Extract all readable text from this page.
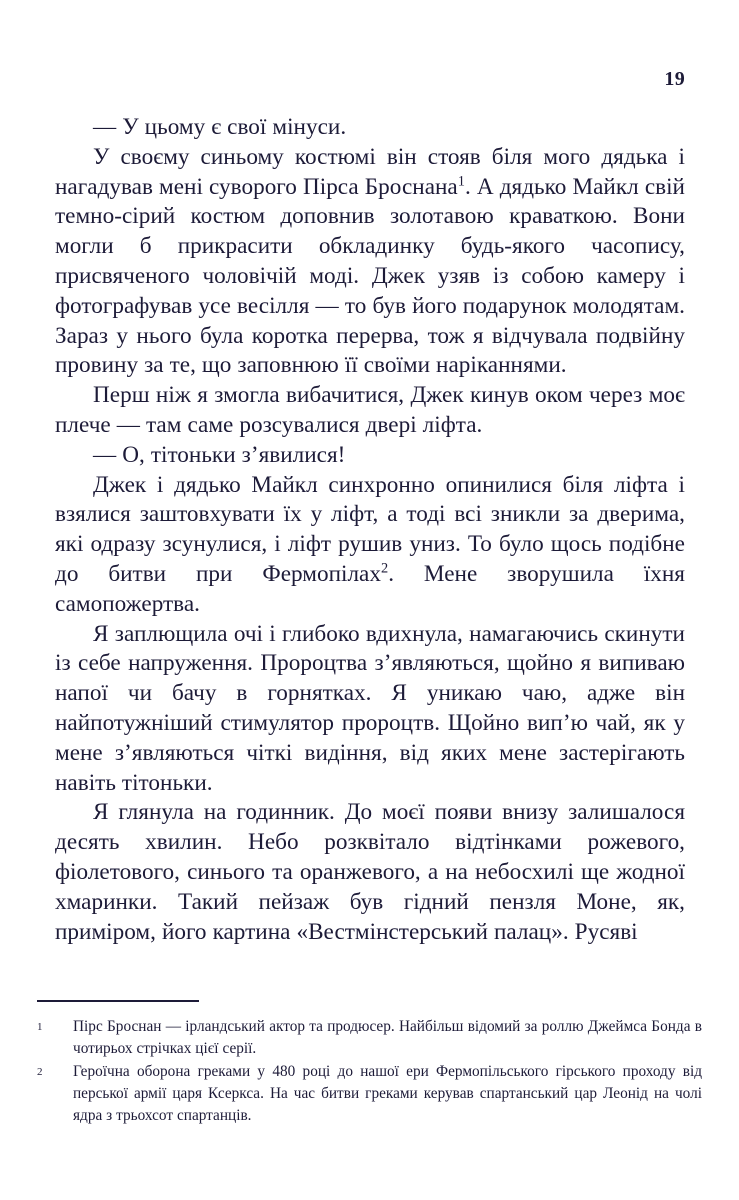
19

— У цьому є свої мінуси.

У своєму синьому костюмі він стояв біля мого дядька і нагадував мені суворого Пірса Броснана$^1$. А дядько Майкл свій темно-сірий костюм доповнив золотавою краваткою. Вони могли б прикрасити обкладинку будь-якого часопису, присвяченого чоловічій моді. Джек узяв із собою камеру і фотографував усе весілля — то був його подарунок молодятам. Зараз у нього була коротка перерва, тож я відчувала подвійну провину за те, що заповнюю її своїми наріканнями.

Перш ніж я змогла вибачитися, Джек кинув оком через моє плече — там саме розсувалися двері ліфта.

— О, тітоньки з’явилися!

Джек і дядько Майкл синхронно опинилися біля ліфта і взялися заштовхувати їх у ліфт, а тоді всі зникли за дверима, які одразу зсунулися, і ліфт рушив униз. То було щось подібне до битви при Фермопілах$^2$. Мене зворушила їхня самопожертва.

Я заплющила очі і глибоко вдихнула, намагаючись скинути із себе напруження. Пророцтва з’являються, щойно я випиваю напої чи бачу в горнятках. Я уникаю чаю, адже він найпотужніший стимулятор пророцтв. Щойно вип’ю чай, як у мене з’являються чіткі видіння, від яких мене застерігають навіть тітоньки.

Я глянула на годинник. До моєї появи внизу залишалося десять хвилин. Небо розквітало відтінками рожевого, фіолетового, синього та оранжевого, а на небосхилі ще жодної хмаринки. Такий пейзаж був гідний пензля Моне, як, приміром, його картина «Вестмінстерський палац». Русяві

1	Пірс Броснан — ірландський актор та продюсер. Найбільш відомий за роллю Джеймса Бонда в чотирьох стрічках цієї серії.
2	Героїчна оборона греками у 480 році до нашої ери Фермопільського гірського проходу від перської армії царя Ксеркса. На час битви греками керував спартанський цар Леонід на чолі ядра з трьохсот спартанців.
